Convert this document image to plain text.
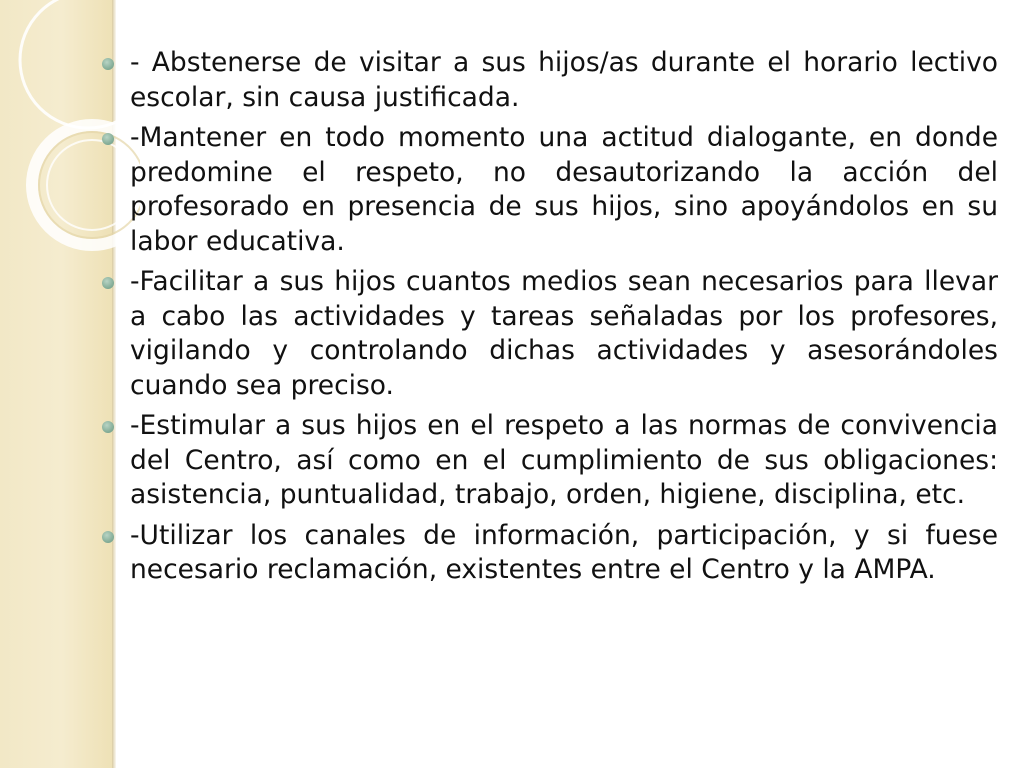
- Abstenerse de visitar a sus hijos/as durante el horario lectivo escolar, sin causa justificada.
-Mantener en todo momento una actitud dialogante, en donde predomine el respeto, no desautorizando la acción del profesorado en presencia de sus hijos, sino apoyándolos en su labor educativa.
-Facilitar a sus hijos cuantos medios sean necesarios para llevar a cabo las actividades y tareas señaladas por los profesores, vigilando y controlando dichas actividades y asesorándoles cuando sea preciso.
-Estimular a sus hijos en el respeto a las normas de convivencia del Centro, así como en el cumplimiento de sus obligaciones: asistencia, puntualidad, trabajo, orden, higiene, disciplina, etc.
-Utilizar los canales de información, participación, y si fuese necesario reclamación, existentes entre el Centro y la AMPA.
